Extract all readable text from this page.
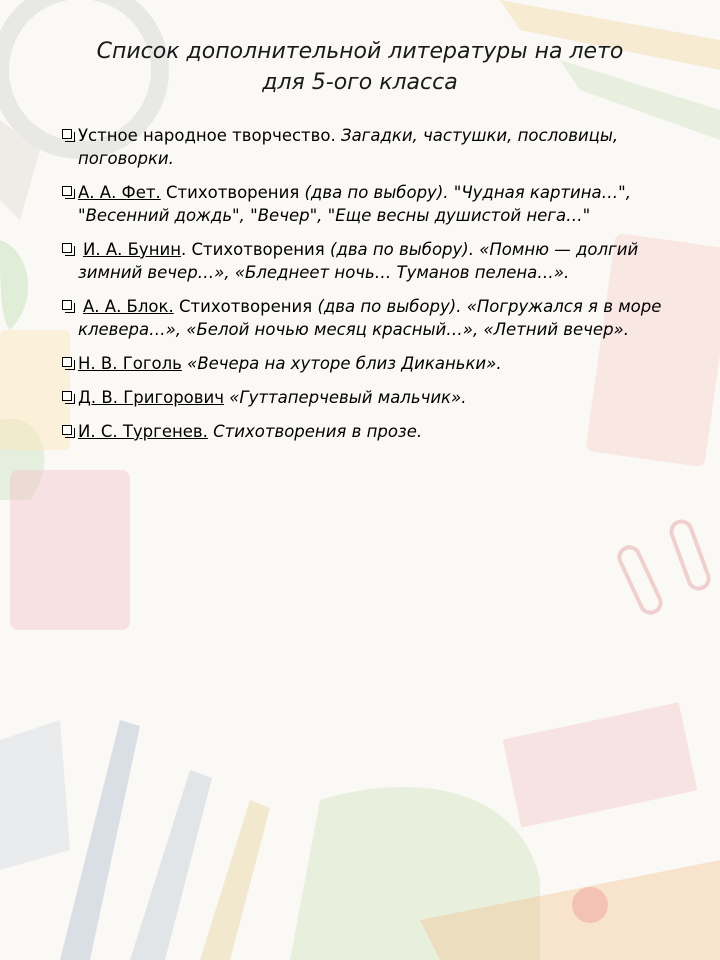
Список дополнительной литературы на лето
для 5-ого класса
Устное народное творчество. Загадки, частушки, пословицы, поговорки.
А. А. Фет. Стихотворения (два по выбору). "Чудная картина…", "Весенний дождь", "Вечер", "Еще весны душистой нега…"
И. А. Бунин. Стихотворения (два по выбору). «Помню — долгий зимний вечер…», «Бледнеет ночь… Туманов пелена…».
А. А. Блок. Стихотворения (два по выбору). «Погружался я в море клевера…», «Белой ночью месяц красный…», «Летний вечер».
Н. В. Гоголь «Вечера на хуторе близ Диканьки».
Д. В. Григорович «Гуттаперчевый мальчик».
И. С. Тургенев. Стихотворения в прозе.
